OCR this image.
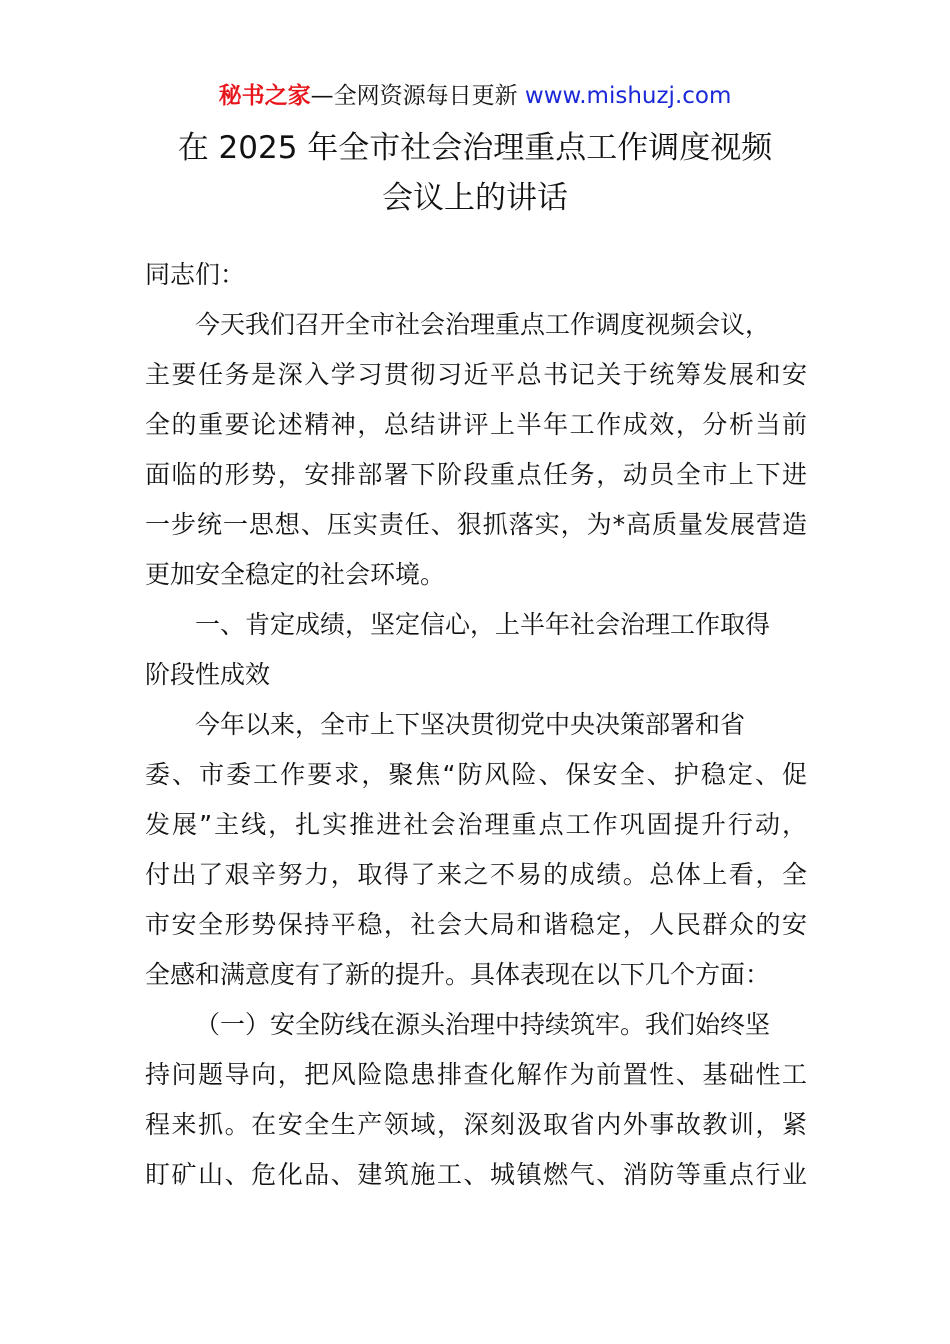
秘书之家—全网资源每日更新 www.mishuzj.com
在 2025 年全市社会治理重点工作调度视频
会议上的讲话
同志们：
今天我们召开全市社会治理重点工作调度视频会议，
主要任务是深入学习贯彻习近平总书记关于统筹发展和安
全的重要论述精神，总结讲评上半年工作成效，分析当前
面临的形势，安排部署下阶段重点任务，动员全市上下进
一步统一思想、压实责任、狠抓落实，为*高质量发展营造
更加安全稳定的社会环境。
一、肯定成绩，坚定信心，上半年社会治理工作取得
阶段性成效
今年以来，全市上下坚决贯彻党中央决策部署和省
委、市委工作要求，聚焦“防风险、保安全、护稳定、促
发展”主线，扎实推进社会治理重点工作巩固提升行动，
付出了艰辛努力，取得了来之不易的成绩。总体上看，全
市安全形势保持平稳，社会大局和谐稳定，人民群众的安
全感和满意度有了新的提升。具体表现在以下几个方面：
（一）安全防线在源头治理中持续筑牢。我们始终坚
持问题导向，把风险隐患排查化解作为前置性、基础性工
程来抓。在安全生产领域，深刻汲取省内外事故教训，紧
盯矿山、危化品、建筑施工、城镇燃气、消防等重点行业
